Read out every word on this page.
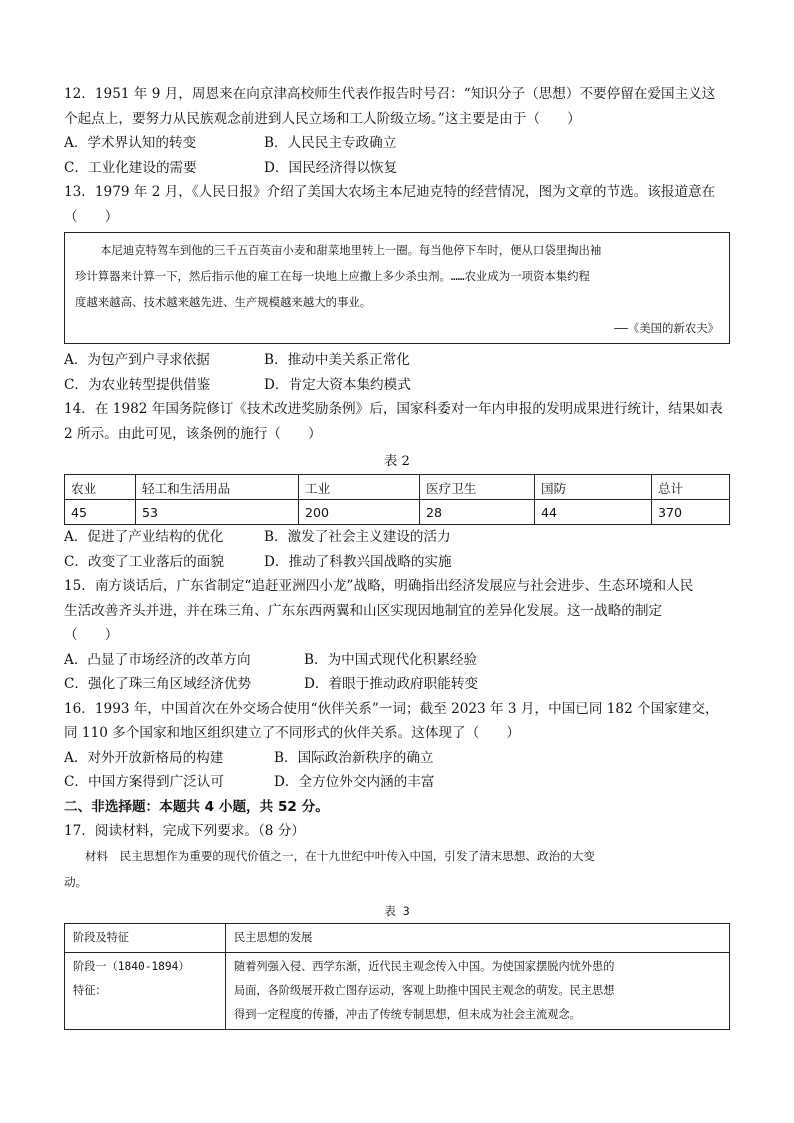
12．1951 年 9 月，周恩来在向京津高校师生代表作报告时号召：“知识分子（思想）不要停留在爱国主义这
个起点上，要努力从民族观念前进到人民立场和工人阶级立场。”这主要是由于（　　）

A．学术界认知的转变	B．人民民主专政确立
C．工业化建设的需要	D．国民经济得以恢复

13．1979 年 2 月，《人民日报》介绍了美国大农场主本尼迪克特的经营情况，图为文章的节选。该报道意在
（　　）

本尼迪克特驾车到他的三千五百英亩小麦和甜菜地里转上一圈。每当他停下车时，便从口袋里掏出袖
珍计算器来计算一下，然后指示他的雇工在每一块地上应撒上多少杀虫剂。……农业成为一项资本集约程
度越来越高、技术越来越先进、生产规模越来越大的事业。
——《美国的新农夫》
A．为包产到户寻求依据	B．推动中美关系正常化
C．为农业转型提供借鉴	D．肯定大资本集约模式

14．在 1982 年国务院修订《技术改进奖励条例》后，国家科委对一年内申报的发明成果进行统计，结果如表
2 所示。由此可见，该条例的施行（　　）

表 2
农业	轻工和生活用品	工业	医疗卫生	国防	总计
45	53	200	28	44	370
A．促进了产业结构的优化	B．激发了社会主义建设的活力
C．改变了工业落后的面貌	D．推动了科教兴国战略的实施

15．南方谈话后，广东省制定“追赶亚洲四小龙”战略，明确指出经济发展应与社会进步、生态环境和人民
生活改善齐头并进，并在珠三角、广东东西两翼和山区实现因地制宜的差异化发展。这一战略的制定
（　　）

A．凸显了市场经济的改革方向	B．为中国式现代化积累经验
C．强化了珠三角区域经济优势	D．着眼于推动政府职能转变

16．1993 年，中国首次在外交场合使用“伙伴关系”一词；截至 2023 年 3 月，中国已同 182 个国家建交，
同 110 多个国家和地区组织建立了不同形式的伙伴关系。这体现了（　　）

A．对外开放新格局的构建	B．国际政治新秩序的确立
C．中国方案得到广泛认可	D．全方位外交内涵的丰富
二、非选择题：本题共 4 小题，共 52 分。

17．阅读材料，完成下列要求。（8 分）

材料　民主思想作为重要的现代价值之一，在十九世纪中叶传入中国，引发了清末思想、政治的大变
动。
表 3
阶段及特征	民主思想的发展
阶段一（1840-1894）
特征：	随着列强入侵、西学东渐，近代民主观念传入中国。为使国家摆脱内忧外患的
局面，各阶级展开救亡图存运动，客观上助推中国民主观念的萌发。民主思想
得到一定程度的传播，冲击了传统专制思想，但未成为社会主流观念。
